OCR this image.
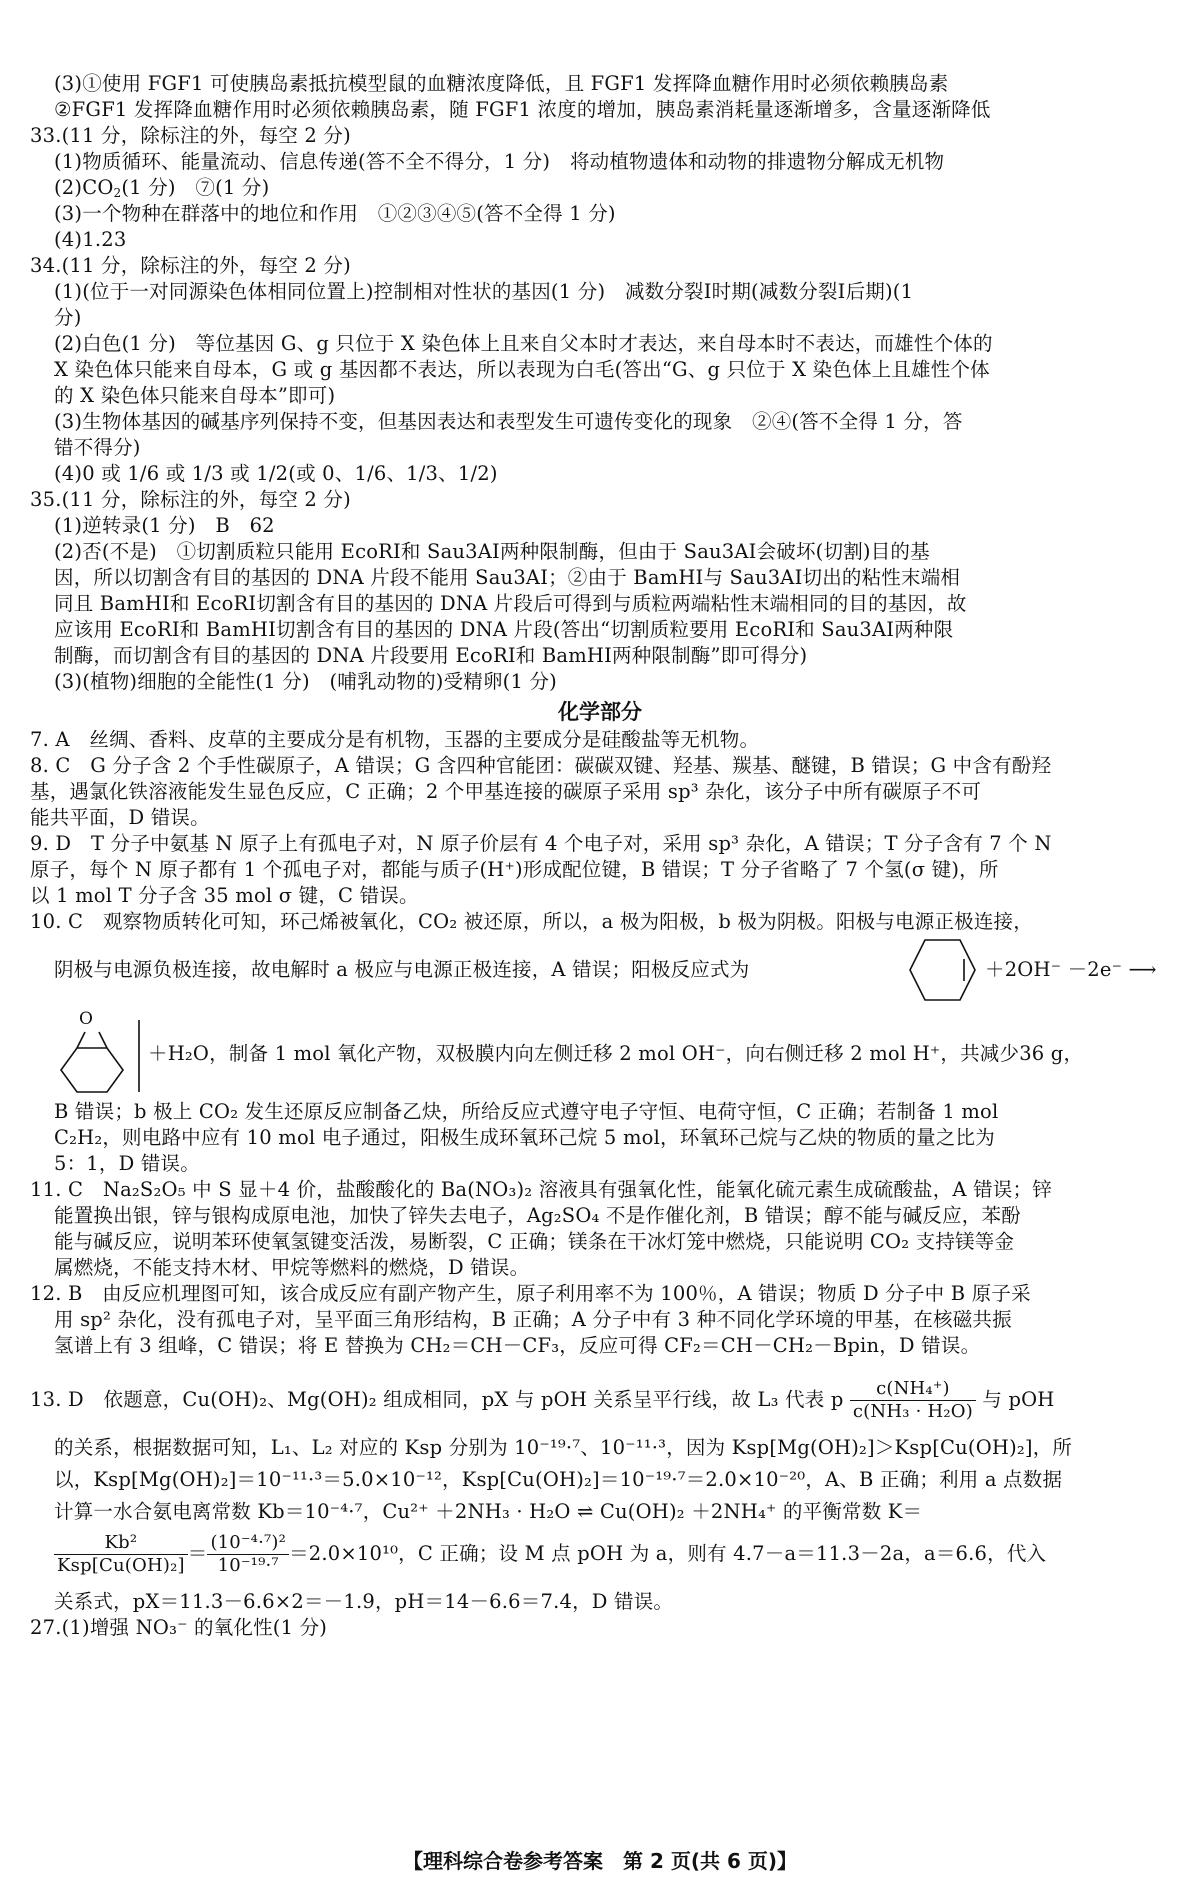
(3)①使用 FGF1 可使胰岛素抵抗模型鼠的血糖浓度降低，且 FGF1 发挥降血糖作用时必须依赖胰岛素
②FGF1 发挥降血糖作用时必须依赖胰岛素，随 FGF1 浓度的增加，胰岛素消耗量逐渐增多，含量逐渐降低
33.(11 分，除标注的外，每空 2 分)
(1)物质循环、能量流动、信息传递(答不全不得分，1 分)　将动植物遗体和动物的排遗物分解成无机物
$(2)CO_2(1$ 分)　⑦(1 分)
(3)一个物种在群落中的地位和作用　①②③④⑤(答不全得 1 分)
(4)1.23
34.(11 分，除标注的外，每空 2 分)
(1)(位于一对同源染色体相同位置上)控制相对性状的基因(1 分)　减数分裂Ⅰ时期(减数分裂Ⅰ后期)(1
分)
(2)白色(1 分)　等位基因 G、g 只位于 X 染色体上且来自父本时才表达，来自母本时不表达，而雄性个体的
X 染色体只能来自母本，G 或 g 基因都不表达，所以表现为白毛(答出“G、g 只位于 X 染色体上且雄性个体
的 X 染色体只能来自母本”即可)
(3)生物体基因的碱基序列保持不变，但基因表达和表型发生可遗传变化的现象　②④(答不全得 1 分，答
错不得分)
(4)0 或 1/6 或 1/3 或 1/2(或 0、1/6、1/3、1/2)
35.(11 分，除标注的外，每空 2 分)
(1)逆转录(1 分)　B　62
(2)否(不是)　①切割质粒只能用 EcoRⅠ和 Sau3AⅠ两种限制酶，但由于 Sau3AⅠ会破坏(切割)目的基
因，所以切割含有目的基因的 DNA 片段不能用 Sau3AⅠ；②由于 BamHⅠ与 Sau3AⅠ切出的粘性末端相
同且 BamHⅠ和 EcoRⅠ切割含有目的基因的 DNA 片段后可得到与质粒两端粘性末端相同的目的基因，故
应该用 EcoRⅠ和 BamHⅠ切割含有目的基因的 DNA 片段(答出“切割质粒要用 EcoRⅠ和 Sau3AⅠ两种限
制酶，而切割含有目的基因的 DNA 片段要用 EcoRⅠ和 BamHⅠ两种限制酶”即可得分)
(3)(植物)细胞的全能性(1 分)　(哺乳动物的)受精卵(1 分)
化学部分
7. A　丝绸、香料、皮草的主要成分是有机物，玉器的主要成分是硅酸盐等无机物。
8. C　G 分子含 2 个手性碳原子，A 错误；G 含四种官能团：碳碳双键、羟基、羰基、醚键，B 错误；G 中含有酚羟
基，遇氯化铁溶液能发生显色反应，C 正确；2 个甲基连接的碳原子采用 sp³ 杂化，该分子中所有碳原子不可
能共平面，D 错误。
9. D　T 分子中氨基 N 原子上有孤电子对，N 原子价层有 4 个电子对，采用 sp³ 杂化，A 错误；T 分子含有 7 个 N
原子，每个 N 原子都有 1 个孤电子对，都能与质子(H⁺)形成配位键，B 错误；T 分子省略了 7 个氢(σ 键)，所
以 1 mol T 分子含 35 mol σ 键，C 错误。
10. C　观察物质转化可知，环己烯被氧化，CO₂ 被还原，所以，a 极为阳极，b 极为阴极。阳极与电源正极连接，
阴极与电源负极连接，故电解时 a 极应与电源正极连接，A 错误；阳极反应式为	＋2OH⁻ －2e⁻ ⟶
O
＋H₂O，制备 1 mol 氧化产物，双极膜内向左侧迁移 2 mol OH⁻，向右侧迁移 2 mol H⁺，共减少36 g，
B 错误；b 极上 CO₂ 发生还原反应制备乙炔，所给反应式遵守电子守恒、电荷守恒，C 正确；若制备 1 mol
C₂H₂，则电路中应有 10 mol 电子通过，阳极生成环氧环己烷 5 mol，环氧环己烷与乙炔的物质的量之比为
5：1，D 错误。
11. C　Na₂S₂O₅ 中 S 显＋4 价，盐酸酸化的 Ba(NO₃)₂ 溶液具有强氧化性，能氧化硫元素生成硫酸盐，A 错误；锌
能置换出银，锌与银构成原电池，加快了锌失去电子，Ag₂SO₄ 不是作催化剂，B 错误；醇不能与碱反应，苯酚
能与碱反应，说明苯环使氧氢键变活泼，易断裂，C 正确；镁条在干冰灯笼中燃烧，只能说明 CO₂ 支持镁等金
属燃烧，不能支持木材、甲烷等燃料的燃烧，D 错误。
12. B　由反应机理图可知，该合成反应有副产物产生，原子利用率不为 100％，A 错误；物质 D 分子中 B 原子采
用 sp² 杂化，没有孤电子对，呈平面三角形结构，B 正确；A 分子中有 3 种不同化学环境的甲基，在核磁共振
氢谱上有 3 组峰，C 错误；将 E 替换为 CH₂＝CH－CF₃，反应可得 CF₂＝CH－CH₂－Bpin，D 错误。
13. D　依题意，Cu(OH)₂、Mg(OH)₂ 组成相同，pX 与 pOH 关系呈平行线，故 L₃ 代表 p $\frac{\text{c(NH₄⁺)}}{\text{c(NH₃ · H₂O)}}$ 与 pOH
的关系，根据数据可知，L₁、L₂ 对应的 Ksp 分别为 10⁻¹⁹·⁷、10⁻¹¹·³，因为 Ksp[Mg(OH)₂]＞Ksp[Cu(OH)₂]，所
以，Ksp[Mg(OH)₂]＝10⁻¹¹·³＝5.0×10⁻¹²，Ksp[Cu(OH)₂]＝10⁻¹⁹·⁷＝2.0×10⁻²⁰，A、B 正确；利用 a 点数据
计算一水合氨电离常数 Kb＝10⁻⁴·⁷，Cu²⁺ ＋2NH₃ · H₂O ⇌ Cu(OH)₂ ＋2NH₄⁺ 的平衡常数 K＝
$\frac{\text{Kb²}}{\text{Ksp[Cu(OH)₂]}} = \frac{\text{(10⁻⁴·⁷)²}}{\text{10⁻¹⁹·⁷}} =2.0\times 10^{10}$，C 正确；设 M 点 pOH 为 a，则有 4.7－a＝11.3－2a，a＝6.6，代入
关系式，pX＝11.3－6.6×2＝－1.9，pH＝14－6.6＝7.4，D 错误。
27.(1)增强 NO₃⁻ 的氧化性(1 分)
【理科综合卷参考答案　第 2 页(共 6 页)】
